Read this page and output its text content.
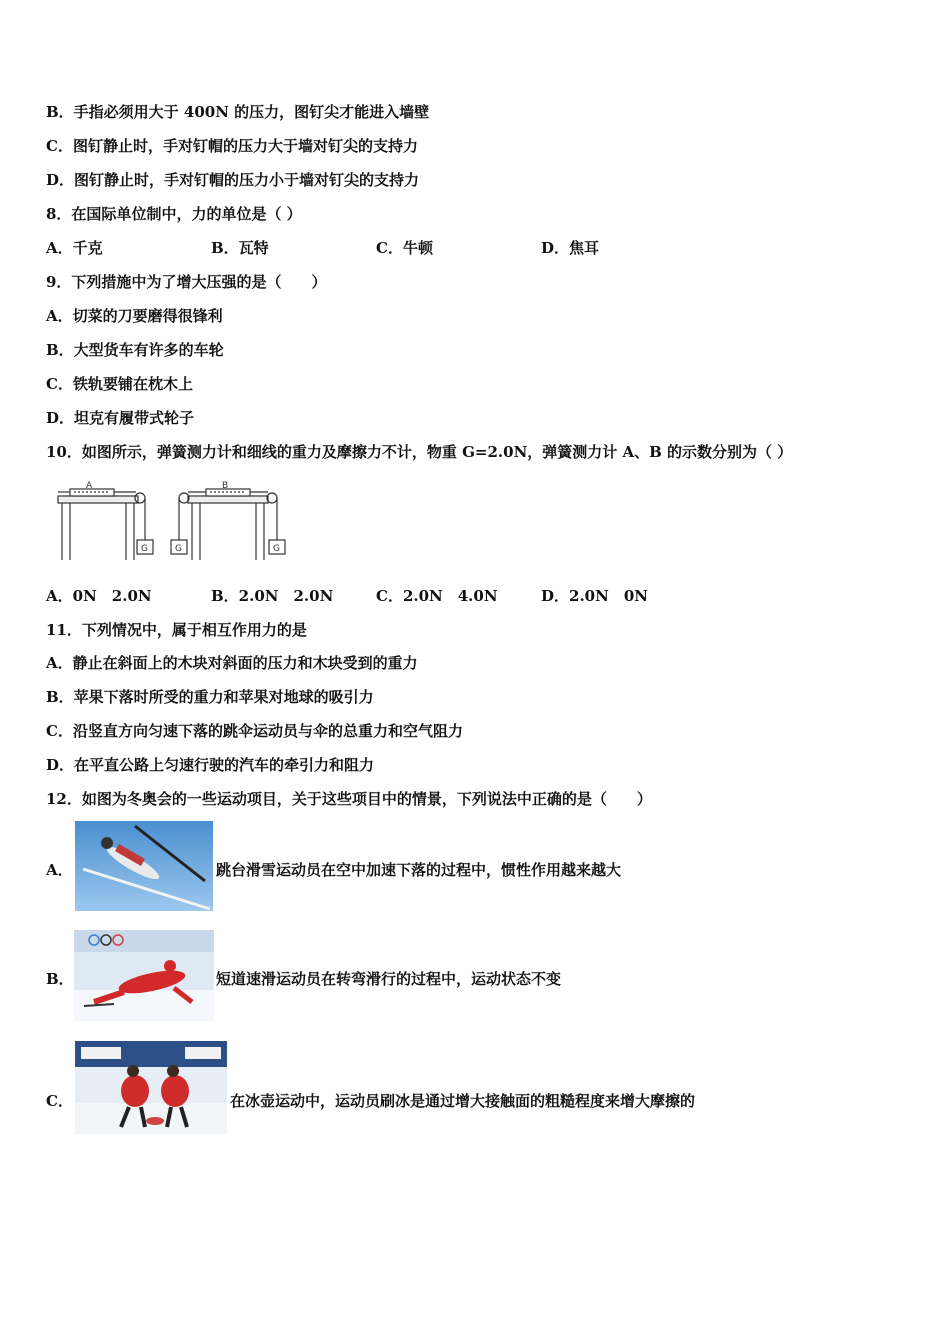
B．手指必须用大于 400N 的压力，图钉尖才能进入墙壁
C．图钉静止时，手对钉帽的压力大于墙对钉尖的支持力
D．图钉静止时，手对钉帽的压力小于墙对钉尖的支持力
8．在国际单位制中，力的单位是（ ）
A．千克	B．瓦特	C．牛顿	D．焦耳
9．下列措施中为了增大压强的是（　　）
A．切菜的刀要磨得很锋利
B．大型货车有许多的车轮
C．铁轨要铺在枕木上
D．坦克有履带式轮子
10．如图所示，弹簧测力计和细线的重力及摩擦力不计，物重 G=2.0N，弹簧测力计 A、B 的示数分别为（ ）
A
G
B
G	G
A．0N　2.0N	B．2.0N　2.0N	C．2.0N　4.0N	D．2.0N　0N
11．下列情况中，属于相互作用力的是
A．静止在斜面上的木块对斜面的压力和木块受到的重力
B．苹果下落时所受的重力和苹果对地球的吸引力
C．沿竖直方向匀速下落的跳伞运动员与伞的总重力和空气阻力
D．在平直公路上匀速行驶的汽车的牵引力和阻力
12．如图为冬奥会的一些运动项目，关于这些项目中的情景，下列说法中正确的是（　　）
A．	跳台滑雪运动员在空中加速下落的过程中，惯性作用越来越大
B．	短道速滑运动员在转弯滑行的过程中，运动状态不变
C．	在冰壶运动中，运动员刷冰是通过增大接触面的粗糙程度来增大摩擦的
